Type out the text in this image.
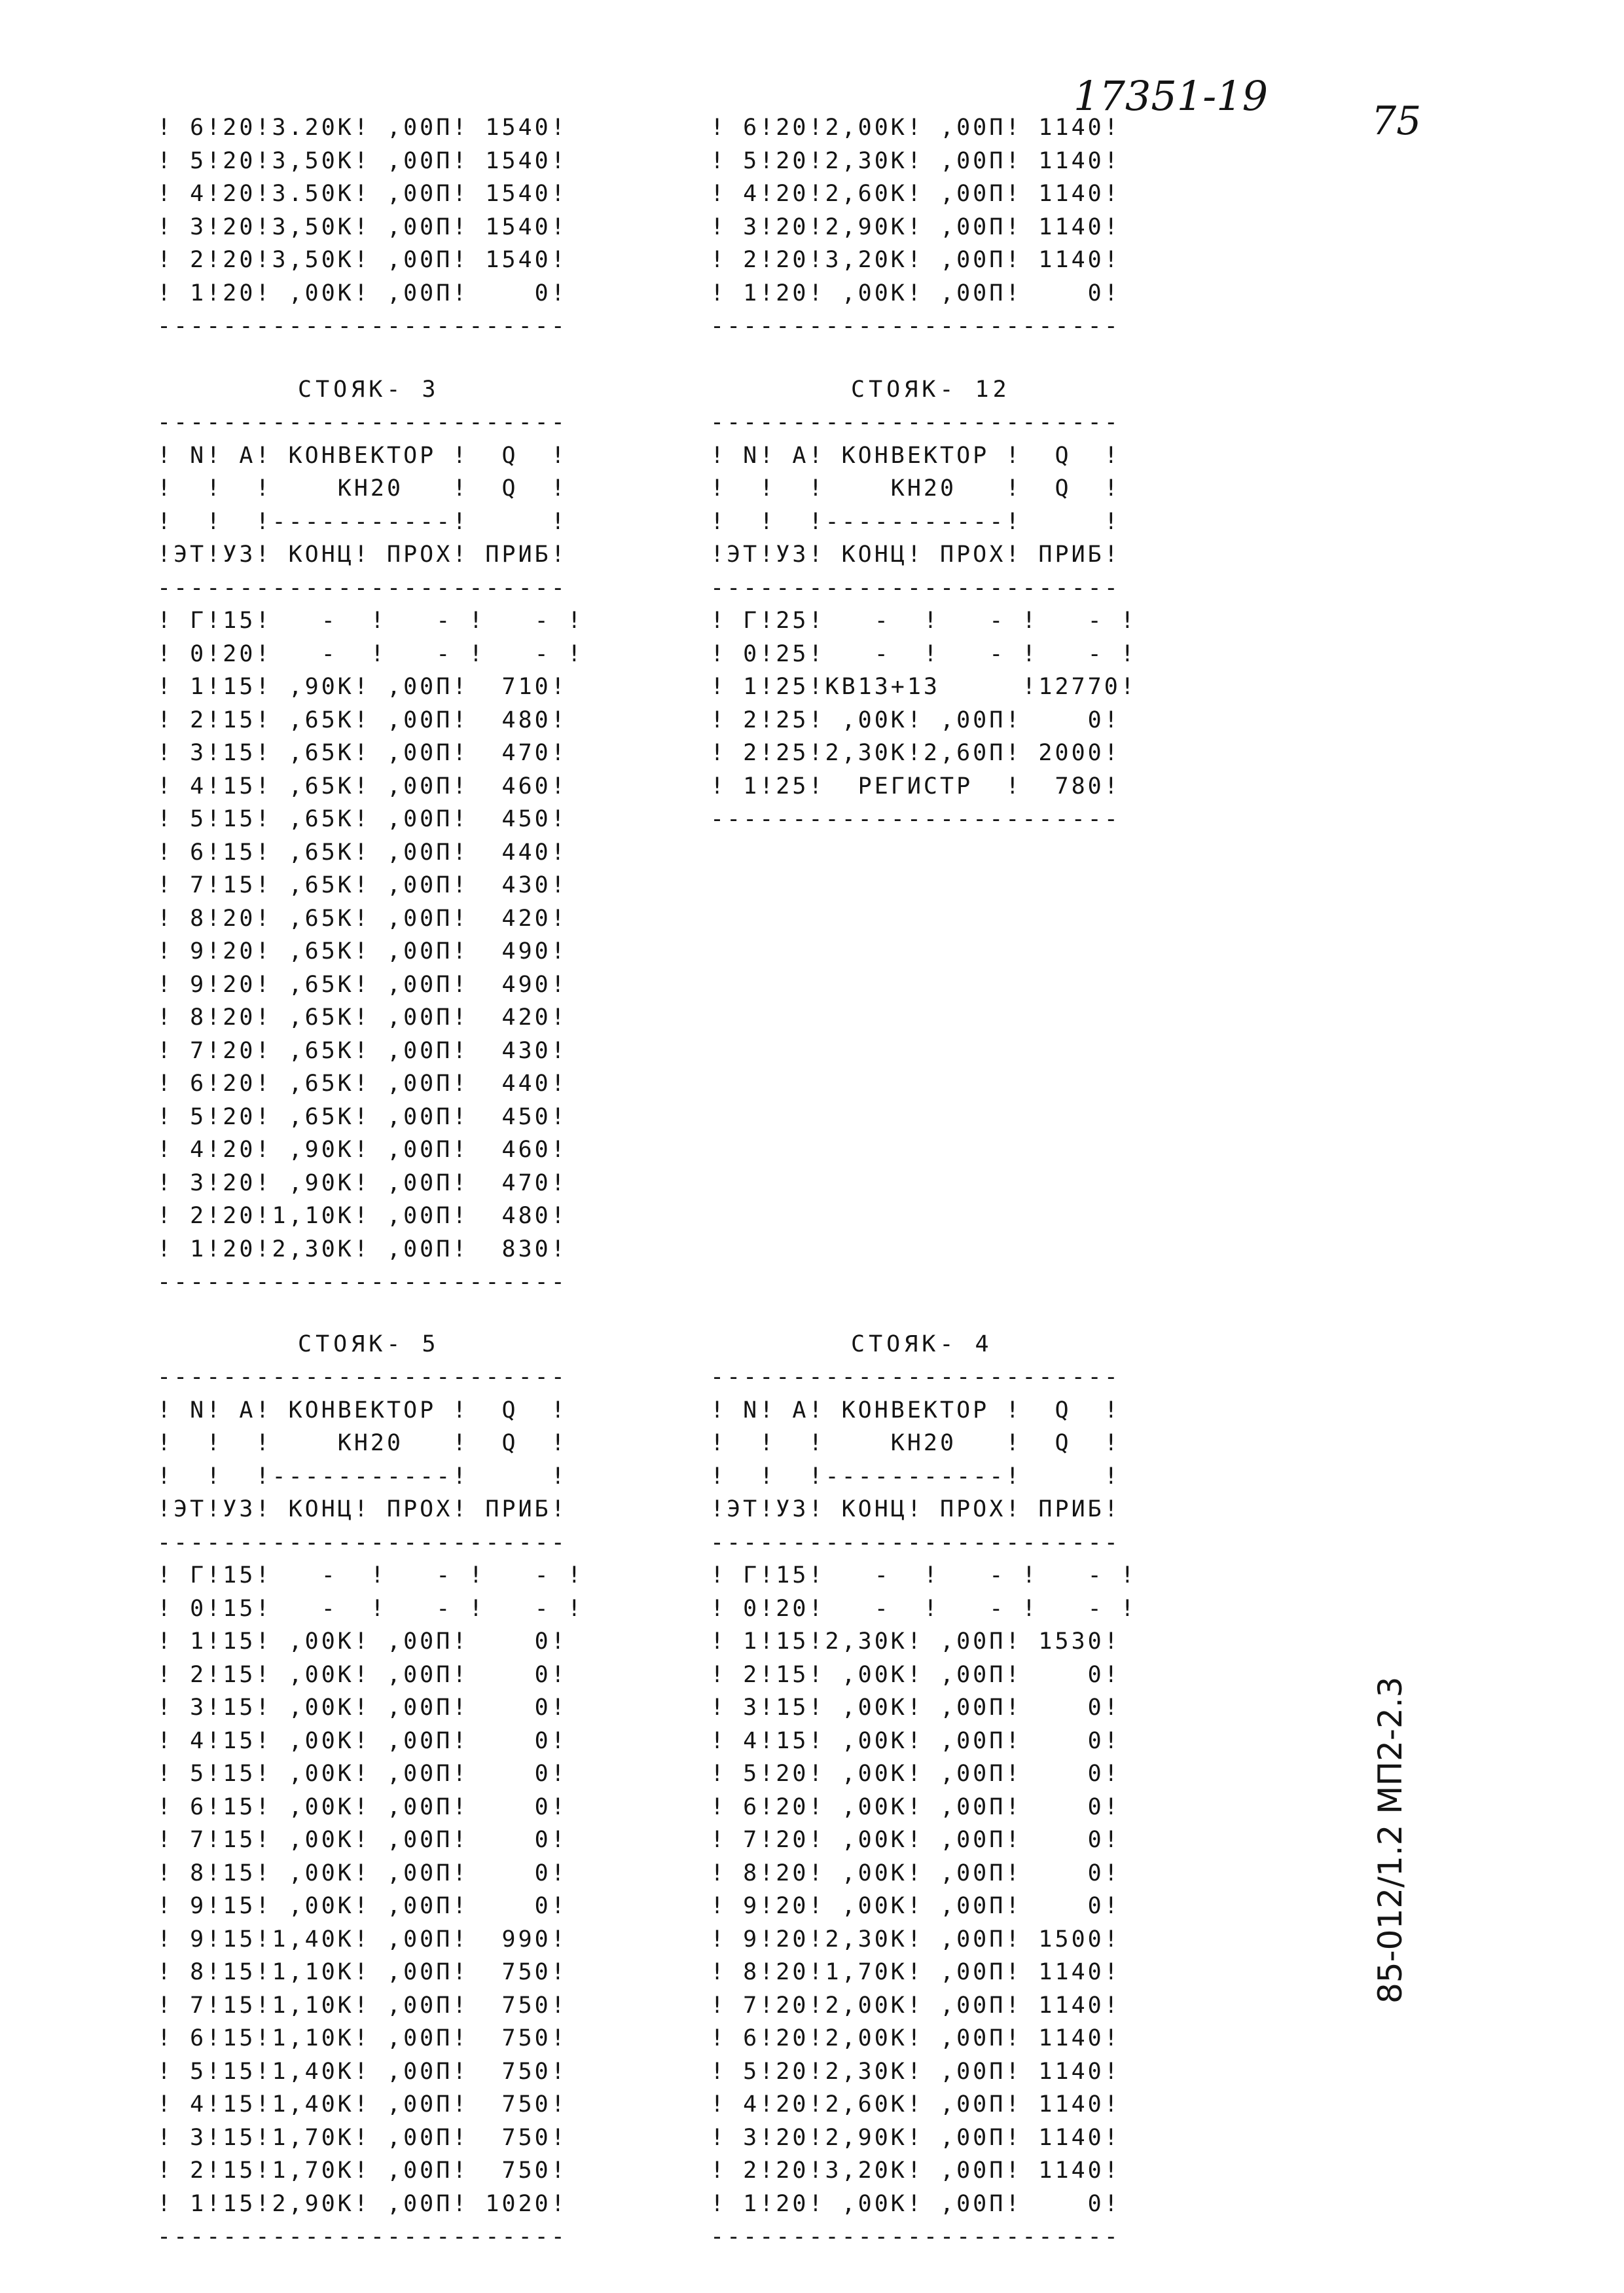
17351-19
75
! 6!20!3.20К! ,00П! 1540!
! 5!20!3,50К! ,00П! 1540!
! 4!20!3.50К! ,00П! 1540!
! 3!20!3,50К! ,00П! 1540!
! 2!20!3,50К! ,00П! 1540!
! 1!20! ,00К! ,00П!    0!
-------------------------
! 6!20!2,00К! ,00П! 1140!
! 5!20!2,30К! ,00П! 1140!
! 4!20!2,60К! ,00П! 1140!
! 3!20!2,90К! ,00П! 1140!
! 2!20!3,20К! ,00П! 1140!
! 1!20! ,00К! ,00П!    0!
-------------------------
СТОЯК- 3
-------------------------
! N! А! КОНВЕКТОР !  Q  !
!  !  !    КН20   !  Q  !
!  !  !-----------!     !
!ЭТ!УЗ! КОНЦ! ПРОХ! ПРИБ!
-------------------------
! Г!15!   -  !   - !   - !
! 0!20!   -  !   - !   - !
! 1!15! ,90К! ,00П!  710!
! 2!15! ,65К! ,00П!  480!
! 3!15! ,65К! ,00П!  470!
! 4!15! ,65К! ,00П!  460!
! 5!15! ,65К! ,00П!  450!
! 6!15! ,65К! ,00П!  440!
! 7!15! ,65К! ,00П!  430!
! 8!20! ,65К! ,00П!  420!
! 9!20! ,65К! ,00П!  490!
! 9!20! ,65К! ,00П!  490!
! 8!20! ,65К! ,00П!  420!
! 7!20! ,65К! ,00П!  430!
! 6!20! ,65К! ,00П!  440!
! 5!20! ,65К! ,00П!  450!
! 4!20! ,90К! ,00П!  460!
! 3!20! ,90К! ,00П!  470!
! 2!20!1,10К! ,00П!  480!
! 1!20!2,30К! ,00П!  830!
-------------------------
СТОЯК- 12
-------------------------
! N! А! КОНВЕКТОР !  Q  !
!  !  !    КН20   !  Q  !
!  !  !-----------!     !
!ЭТ!УЗ! КОНЦ! ПРОХ! ПРИБ!
-------------------------
! Г!25!   -  !   - !   - !
! 0!25!   -  !   - !   - !
! 1!25!КВ13+13     !12770!
! 2!25! ,00К! ,00П!    0!
! 2!25!2,30К!2,60П! 2000!
! 1!25!  РЕГИСТР  !  780!
-------------------------
СТОЯК- 5
-------------------------
! N! А! КОНВЕКТОР !  Q  !
!  !  !    КН20   !  Q  !
!  !  !-----------!     !
!ЭТ!УЗ! КОНЦ! ПРОХ! ПРИБ!
-------------------------
! Г!15!   -  !   - !   - !
! 0!15!   -  !   - !   - !
! 1!15! ,00К! ,00П!    0!
! 2!15! ,00К! ,00П!    0!
! 3!15! ,00К! ,00П!    0!
! 4!15! ,00К! ,00П!    0!
! 5!15! ,00К! ,00П!    0!
! 6!15! ,00К! ,00П!    0!
! 7!15! ,00К! ,00П!    0!
! 8!15! ,00К! ,00П!    0!
! 9!15! ,00К! ,00П!    0!
! 9!15!1,40К! ,00П!  990!
! 8!15!1,10К! ,00П!  750!
! 7!15!1,10К! ,00П!  750!
! 6!15!1,10К! ,00П!  750!
! 5!15!1,40К! ,00П!  750!
! 4!15!1,40К! ,00П!  750!
! 3!15!1,70К! ,00П!  750!
! 2!15!1,70К! ,00П!  750!
! 1!15!2,90К! ,00П! 1020!
-------------------------
СТОЯК- 4
-------------------------
! N! А! КОНВЕКТОР !  Q  !
!  !  !    КН20   !  Q  !
!  !  !-----------!     !
!ЭТ!УЗ! КОНЦ! ПРОХ! ПРИБ!
-------------------------
! Г!15!   -  !   - !   - !
! 0!20!   -  !   - !   - !
! 1!15!2,30К! ,00П! 1530!
! 2!15! ,00К! ,00П!    0!
! 3!15! ,00К! ,00П!    0!
! 4!15! ,00К! ,00П!    0!
! 5!20! ,00К! ,00П!    0!
! 6!20! ,00К! ,00П!    0!
! 7!20! ,00К! ,00П!    0!
! 8!20! ,00К! ,00П!    0!
! 9!20! ,00К! ,00П!    0!
! 9!20!2,30К! ,00П! 1500!
! 8!20!1,70К! ,00П! 1140!
! 7!20!2,00К! ,00П! 1140!
! 6!20!2,00К! ,00П! 1140!
! 5!20!2,30К! ,00П! 1140!
! 4!20!2,60К! ,00П! 1140!
! 3!20!2,90К! ,00П! 1140!
! 2!20!3,20К! ,00П! 1140!
! 1!20! ,00К! ,00П!    0!
-------------------------
85-012/1.2 МП2-2.3
